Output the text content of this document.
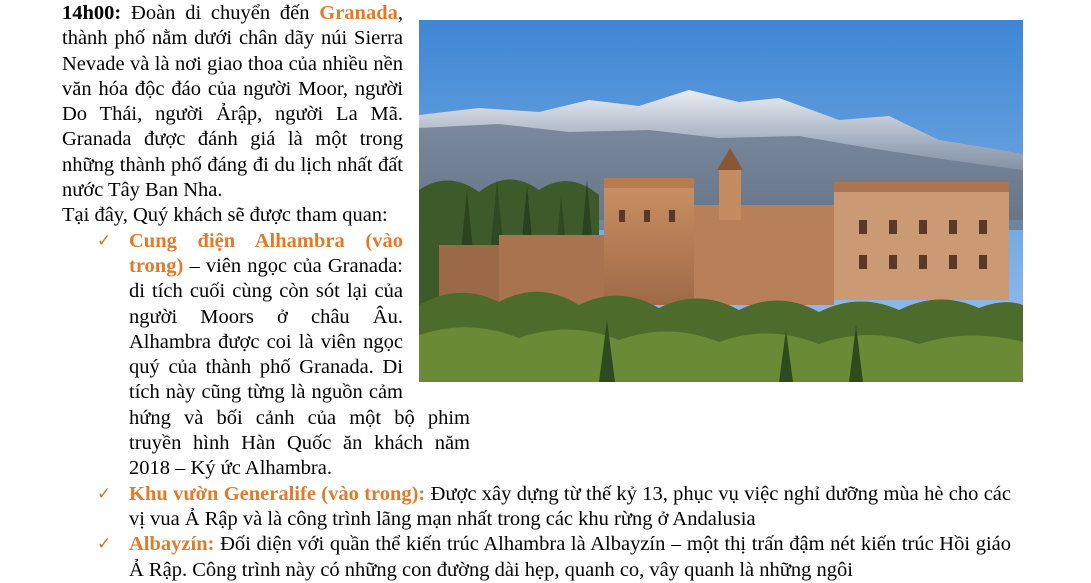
14h00: Đoàn di chuyển đến Granada, thành phố nằm dưới chân dãy núi Sierra Nevade và là nơi giao thoa của nhiều nền văn hóa độc đáo của người Moor, người Do Thái, người Ảrập, người La Mã. Granada được đánh giá là một trong những thành phố đáng đi du lịch nhất đất nước Tây Ban Nha.

Tại đây, Quý khách sẽ được tham quan:

✓ Cung điện Alhambra (vào trong) – viên ngọc của Granada: di tích cuối cùng còn sót lại của người Moors ở châu Âu. Alhambra được coi là viên ngọc quý của thành phố Granada. Di tích này cũng từng là nguồn cảm hứng và bối cảnh của một bộ phim truyền hình Hàn Quốc ăn khách năm 2018 – Ký ức Alhambra.
✓ Khu vườn Generalife (vào trong): Được xây dựng từ thế kỷ 13, phục vụ việc nghỉ dưỡng mùa hè cho các vị vua Ả Rập và là công trình lãng mạn nhất trong các khu rừng ở Andalusia
✓ Albayzín: Đối diện với quần thể kiến trúc Alhambra là Albayzín – một thị trấn đậm nét kiến trúc Hồi giáo Ả Rập. Công trình này có những con đường dài hẹp, quanh co, vây quanh là những ngôi
